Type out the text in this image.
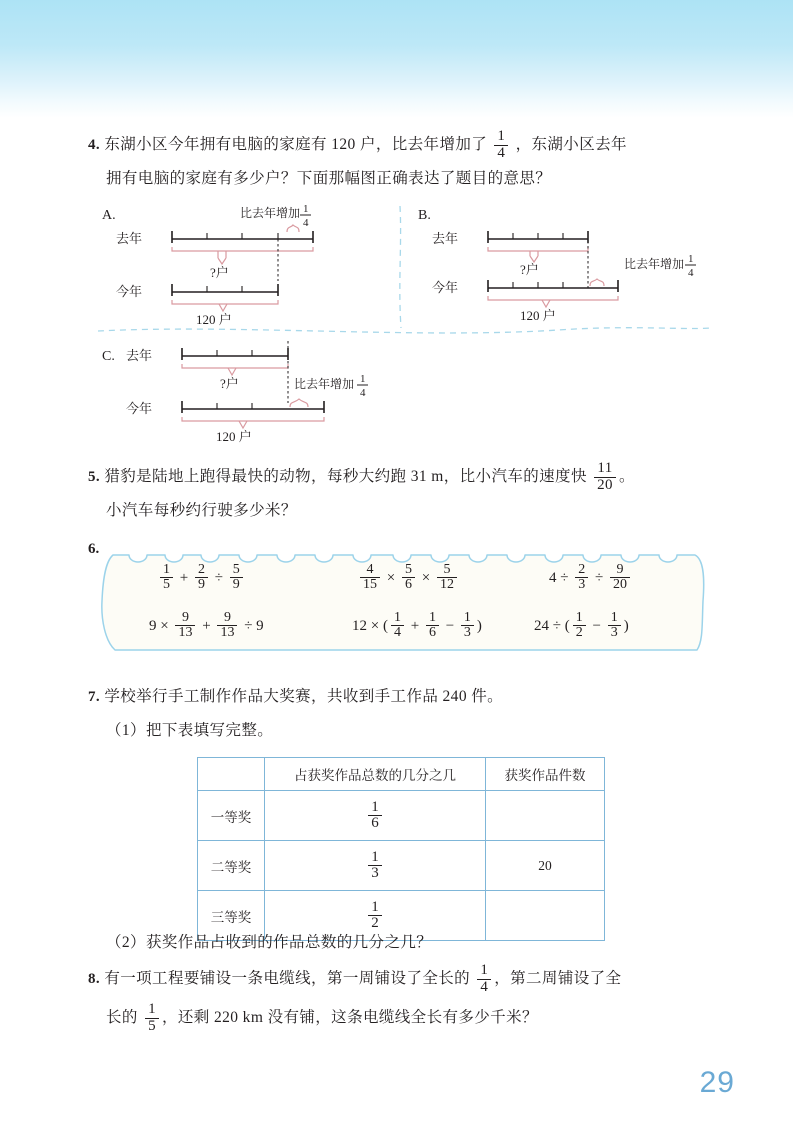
4. 东湖小区今年拥有电脑的家庭有 120 户，比去年增加了 $\frac{1}{4}$ ，东湖小区去年
拥有电脑的家庭有多少户？下面那幅图正确表达了题目的意思？
A.
去年
比去年增加 1
4
?户
今年
120 户
B.
去年
?户
今年
120 户
比去年增加 1
4
C. 去年
?户
今年
120 户
比去年增加 1
4
5. 猎豹是陆地上跑得最快的动物，每秒大约跑 31 m，比小汽车的速度快 $\frac{11}{20}$ 。
小汽车每秒约行驶多少米？
6.
$\frac{1}{5} + \frac{2}{9} \div \frac{5}{9}$	$\frac{4}{15} \times \frac{5}{6} \times \frac{5}{12}$	$4 \div \frac{2}{3} \div \frac{9}{20}$
$9 \times \frac{9}{13} + \frac{9}{13} \div 9$	12 × ( $\frac{1}{4} + \frac{1}{6} - \frac{1}{3}$ )	24 ÷ ( $\frac{1}{2} - \frac{1}{3}$ )
7. 学校举行手工制作作品大奖赛，共收到手工作品 240 件。
（1）把下表填写完整。
	占获奖作品总数的几分之几	获奖作品件数
一等奖	$\frac{1}{6}$

二等奖	$\frac{1}{3}$	20
三等奖	$\frac{1}{2}$

（2）获奖作品占收到的作品总数的几分之几？
8. 有一项工程要铺设一条电缆线，第一周铺设了全长的 $\frac{1}{4}$ ，第二周铺设了全
长的 $\frac{1}{5}$ ，还剩 220 km 没有铺，这条电缆线全长有多少千米？
29
